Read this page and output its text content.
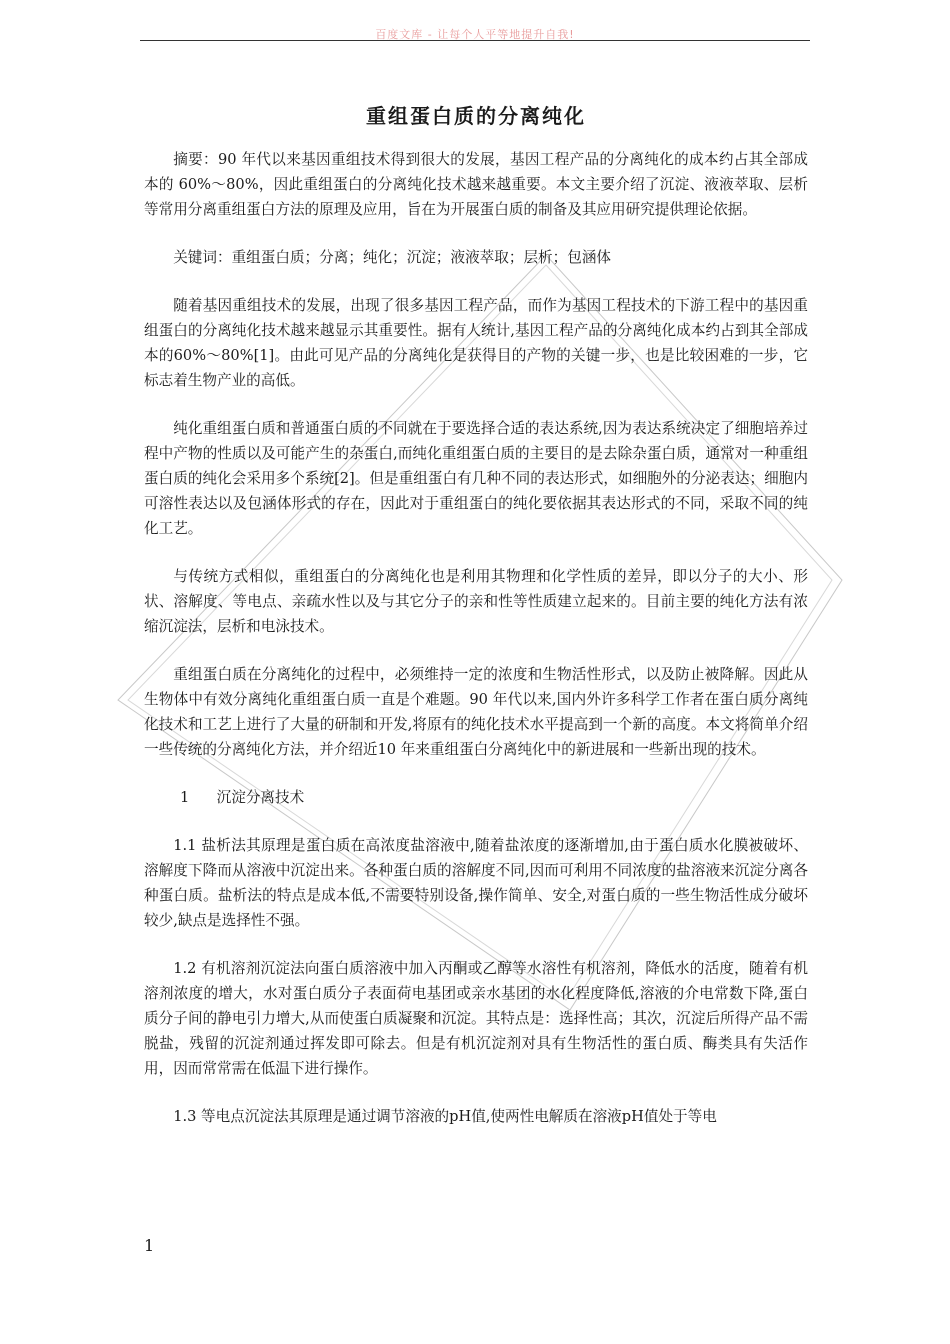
百度文库 - 让每个人平等地提升自我!
重组蛋白质的分离纯化

摘要：90 年代以来基因重组技术得到很大的发展，基因工程产品的分离纯化的成本约占其全部成本的 60%～80%，因此重组蛋白的分离纯化技术越来越重要。本文主要介绍了沉淀、液液萃取、层析等常用分离重组蛋白方法的原理及应用，旨在为开展蛋白质的制备及其应用研究提供理论依据。

关键词：重组蛋白质；分离；纯化；沉淀；液液萃取；层析；包涵体

随着基因重组技术的发展，出现了很多基因工程产品，而作为基因工程技术的下游工程中的基因重组蛋白的分离纯化技术越来越显示其重要性。据有人统计,基因工程产品的分离纯化成本约占到其全部成本的60%～80%[1]。由此可见产品的分离纯化是获得目的产物的关键一步，也是比较困难的一步，它标志着生物产业的高低。

纯化重组蛋白质和普通蛋白质的不同就在于要选择合适的表达系统,因为表达系统决定了细胞培养过程中产物的性质以及可能产生的杂蛋白,而纯化重组蛋白质的主要目的是去除杂蛋白质，通常对一种重组蛋白质的纯化会采用多个系统[2]。但是重组蛋白有几种不同的表达形式，如细胞外的分泌表达；细胞内可溶性表达以及包涵体形式的存在，因此对于重组蛋白的纯化要依据其表达形式的不同，采取不同的纯化工艺。

与传统方式相似，重组蛋白的分离纯化也是利用其物理和化学性质的差异，即以分子的大小、形状、溶解度、等电点、亲疏水性以及与其它分子的亲和性等性质建立起来的。目前主要的纯化方法有浓缩沉淀法，层析和电泳技术。

重组蛋白质在分离纯化的过程中，必须维持一定的浓度和生物活性形式，以及防止被降解。因此从生物体中有效分离纯化重组蛋白质一直是个难题。90 年代以来,国内外许多科学工作者在蛋白质分离纯化技术和工艺上进行了大量的研制和开发,将原有的纯化技术水平提高到一个新的高度。本文将简单介绍一些传统的分离纯化方法，并介绍近10 年来重组蛋白分离纯化中的新进展和一些新出现的技术。

1 沉淀分离技术

1.1 盐析法其原理是蛋白质在高浓度盐溶液中,随着盐浓度的逐渐增加,由于蛋白质水化膜被破坏、溶解度下降而从溶液中沉淀出来。各种蛋白质的溶解度不同,因而可利用不同浓度的盐溶液来沉淀分离各种蛋白质。盐析法的特点是成本低,不需要特别设备,操作简单、安全,对蛋白质的一些生物活性成分破坏较少,缺点是选择性不强。

1.2 有机溶剂沉淀法向蛋白质溶液中加入丙酮或乙醇等水溶性有机溶剂，降低水的活度，随着有机溶剂浓度的增大，水对蛋白质分子表面荷电基团或亲水基团的水化程度降低,溶液的介电常数下降,蛋白质分子间的静电引力增大,从而使蛋白质凝聚和沉淀。其特点是：选择性高；其次，沉淀后所得产品不需脱盐，残留的沉淀剂通过挥发即可除去。但是有机沉淀剂对具有生物活性的蛋白质、酶类具有失活作用，因而常常需在低温下进行操作。

1.3 等电点沉淀法其原理是通过调节溶液的pH值,使两性电解质在溶液pH值处于等电

1
